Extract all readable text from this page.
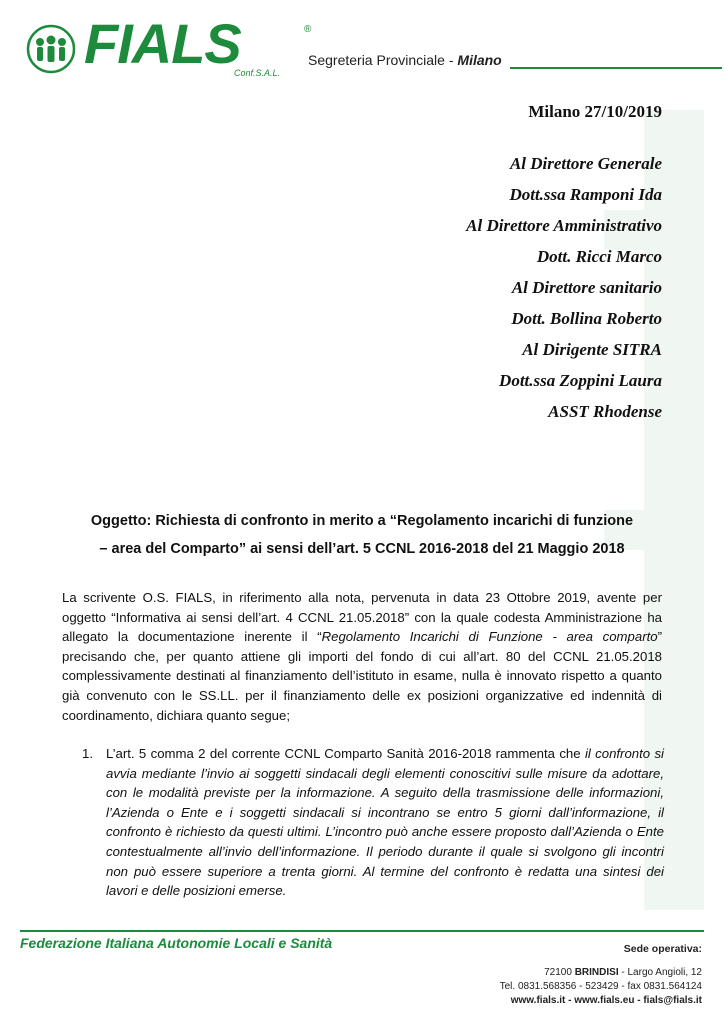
FIALS	®
Conf.S.A.L.
Segreteria Provinciale - Milano
Milano 27/10/2019
Al Direttore Generale
Dott.ssa Ramponi Ida
Al Direttore Amministrativo
Dott. Ricci Marco
Al Direttore sanitario
Dott. Bollina Roberto
Al Dirigente SITRA
Dott.ssa Zoppini Laura
ASST Rhodense
Oggetto: Richiesta di confronto in merito a “Regolamento incarichi di funzione
– area del Comparto” ai sensi dell’art. 5 CCNL 2016-2018 del 21 Maggio 2018
La scrivente O.S. FIALS, in riferimento alla nota, pervenuta in data 23 Ottobre 2019, avente per oggetto “Informativa ai sensi dell’art. 4 CCNL 21.05.2018” con la quale codesta Amministrazione ha allegato la documentazione inerente il “Regolamento Incarichi di Funzione - area comparto” precisando che, per quanto attiene gli importi del fondo di cui all’art. 80 del CCNL 21.05.2018 complessivamente destinati al finanziamento dell’istituto in esame, nulla è innovato rispetto a quanto già convenuto con le SS.LL. per il finanziamento delle ex posizioni organizzative ed indennità di coordinamento, dichiara quanto segue;
1. L’art. 5 comma 2 del corrente CCNL Comparto Sanità 2016-2018 rammenta che il confronto si avvia mediante l’invio ai soggetti sindacali degli elementi conoscitivi sulle misure da adottare, con le modalità previste per la informazione. A seguito della trasmissione delle informazioni, l’Azienda o Ente e i soggetti sindacali si incontrano se entro 5 giorni dall’informazione, il confronto è richiesto da questi ultimi. L’incontro può anche essere proposto dall’Azienda o Ente contestualmente all’invio dell’informazione. Il periodo durante il quale si svolgono gli incontri non può essere superiore a trenta giorni. Al termine del confronto è redatta una sintesi dei lavori e delle posizioni emerse.
Federazione Italiana Autonomie Locali e Sanità	Sede operativa:
72100 BRINDISI - Largo Angioli, 12
Tel. 0831.568356 - 523429 - fax 0831.564124
www.fials.it - www.fials.eu - fials@fials.it
